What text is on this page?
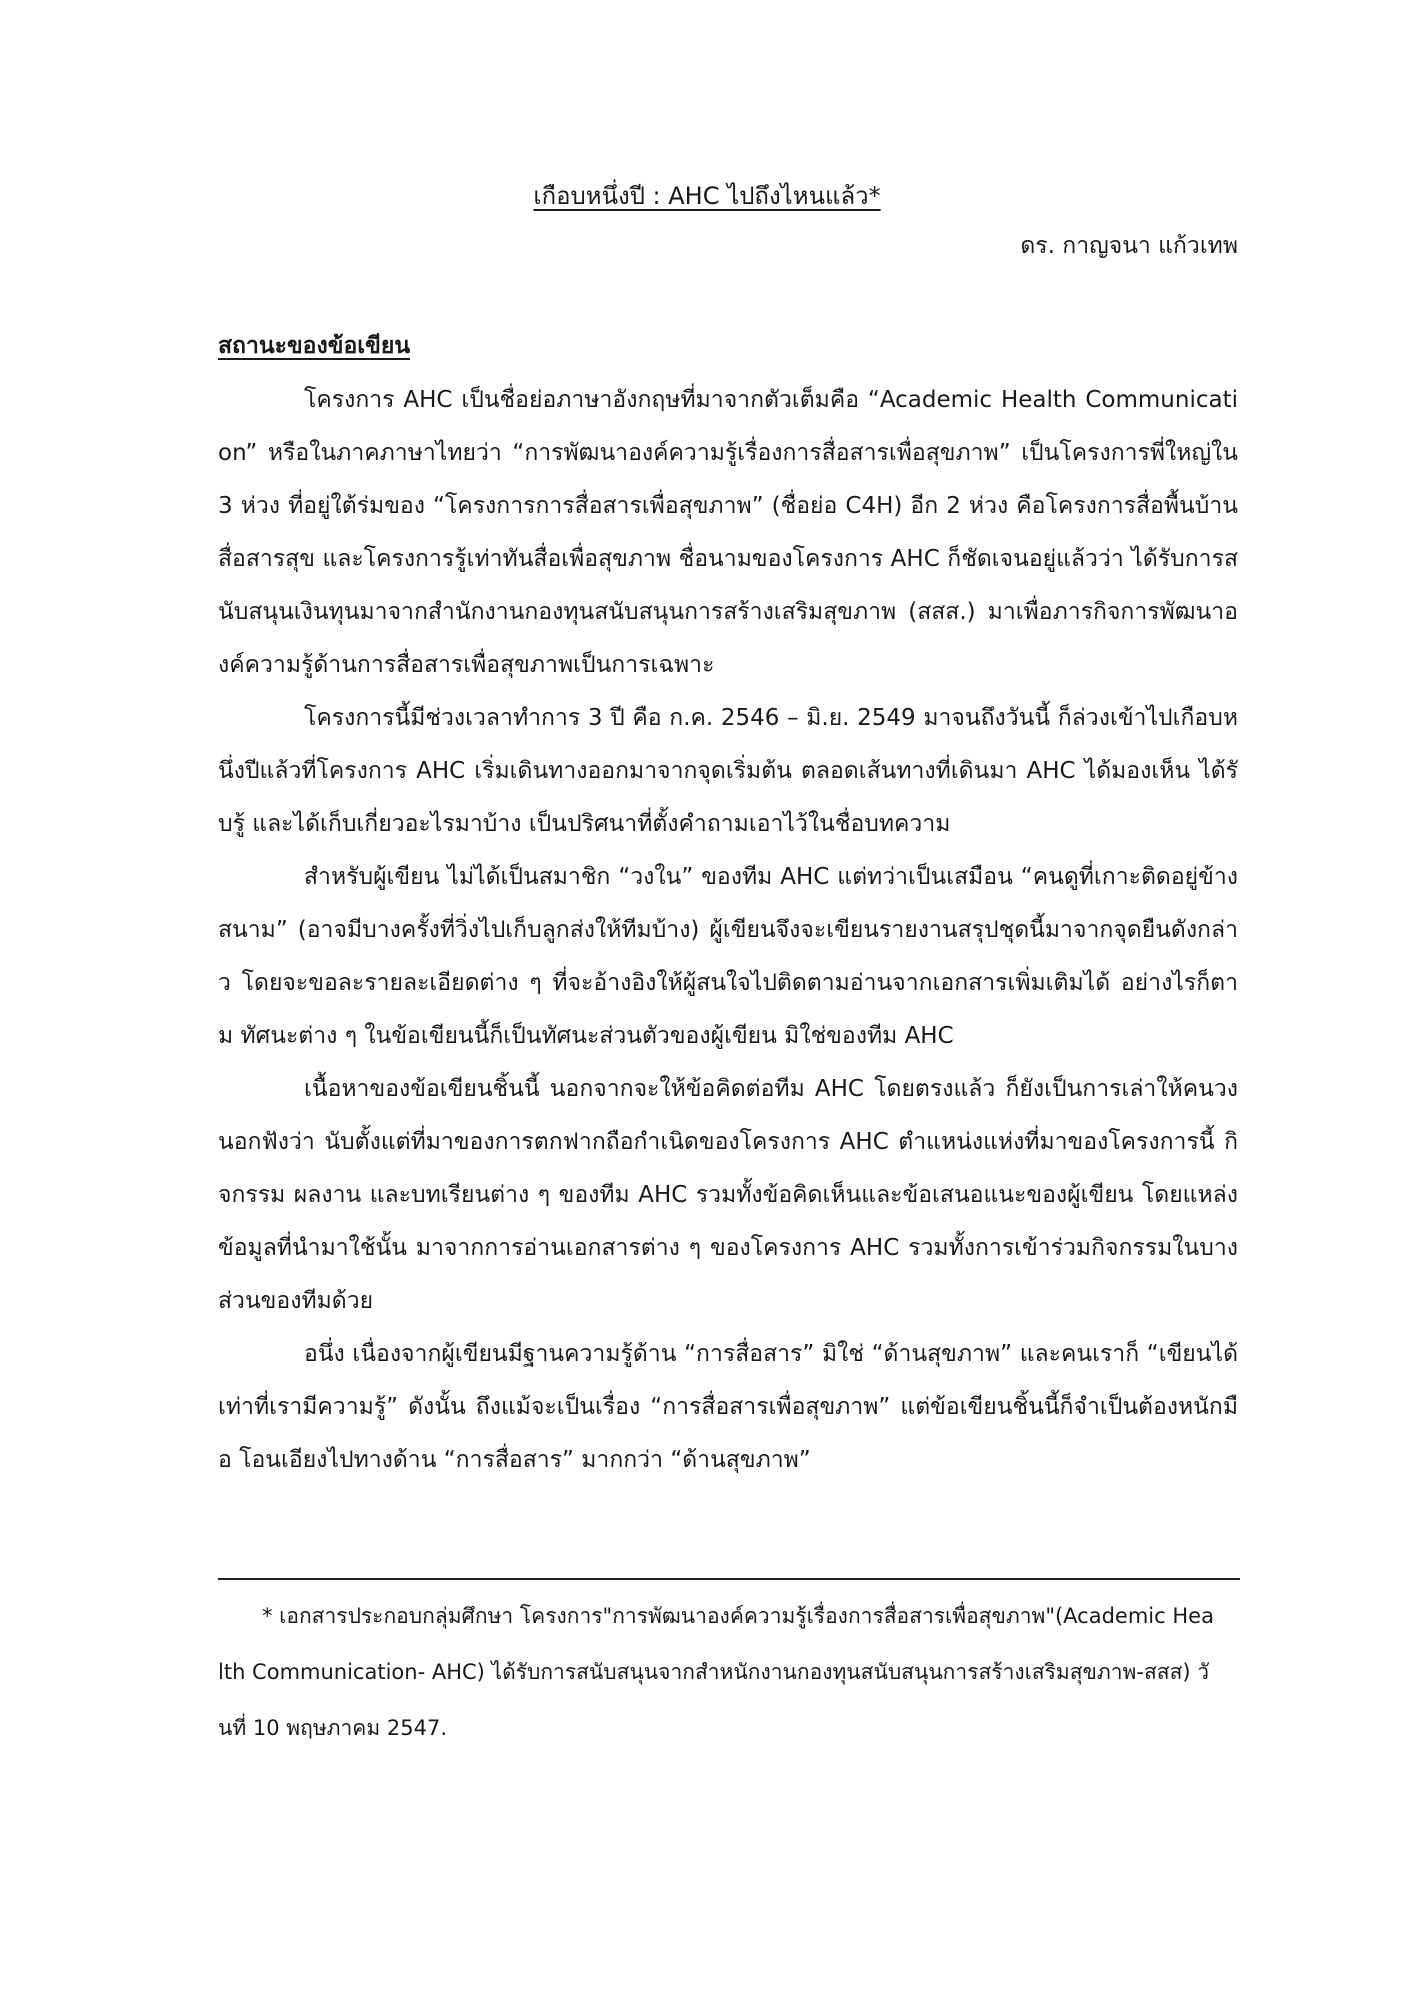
เกือบหนึ่งปี : AHC ไปถึงไหนแล้ว*
ดร. กาญจนา แก้วเทพ
สถานะของข้อเขียน

โครงการ AHC เป็นชื่อย่อภาษาอังกฤษที่มาจากตัวเต็มคือ “Academic Health Communication” หรือในภาคภาษาไทยว่า “การพัฒนาองค์ความรู้เรื่องการสื่อสารเพื่อสุขภาพ” เป็นโครงการพี่ใหญ่ใน 3 ห่วง ที่อยู่ใต้ร่มของ “โครงการการสื่อสารเพื่อสุขภาพ” (ชื่อย่อ C4H) อีก 2 ห่วง คือโครงการสื่อพื้นบ้านสื่อสารสุข และโครงการรู้เท่าทันสื่อเพื่อสุขภาพ ชื่อนามของโครงการ AHC ก็ชัดเจนอยู่แล้วว่า ได้รับการสนับสนุนเงินทุนมาจากสำนักงานกองทุนสนับสนุนการสร้างเสริมสุขภาพ (สสส.) มาเพื่อภารกิจการพัฒนาองค์ความรู้ด้านการสื่อสารเพื่อสุขภาพเป็นการเฉพาะ

โครงการนี้มีช่วงเวลาทำการ 3 ปี คือ ก.ค. 2546 – มิ.ย. 2549 มาจนถึงวันนี้ ก็ล่วงเข้าไปเกือบหนึ่งปีแล้วที่โครงการ AHC เริ่มเดินทางออกมาจากจุดเริ่มต้น ตลอดเส้นทางที่เดินมา AHC ได้มองเห็น ได้รับรู้ และได้เก็บเกี่ยวอะไรมาบ้าง เป็นปริศนาที่ตั้งคำถามเอาไว้ในชื่อบทความ

สำหรับผู้เขียน ไม่ได้เป็นสมาชิก “วงใน” ของทีม AHC แต่ทว่าเป็นเสมือน “คนดูที่เกาะติดอยู่ข้างสนาม” (อาจมีบางครั้งที่วิ่งไปเก็บลูกส่งให้ทีมบ้าง) ผู้เขียนจึงจะเขียนรายงานสรุปชุดนี้มาจากจุดยืนดังกล่าว โดยจะขอละรายละเอียดต่าง ๆ ที่จะอ้างอิงให้ผู้สนใจไปติดตามอ่านจากเอกสารเพิ่มเติมได้ อย่างไรก็ตาม ทัศนะต่าง ๆ ในข้อเขียนนี้ก็เป็นทัศนะส่วนตัวของผู้เขียน มิใช่ของทีม AHC

เนื้อหาของข้อเขียนชิ้นนี้ นอกจากจะให้ข้อคิดต่อทีม AHC โดยตรงแล้ว ก็ยังเป็นการเล่าให้คนวงนอกฟังว่า นับตั้งแต่ที่มาของการตกฟากถือกำเนิดของโครงการ AHC ตำแหน่งแห่งที่มาของโครงการนี้ กิจกรรม ผลงาน และบทเรียนต่าง ๆ ของทีม AHC รวมทั้งข้อคิดเห็นและข้อเสนอแนะของผู้เขียน โดยแหล่งข้อมูลที่นำมาใช้นั้น มาจากการอ่านเอกสารต่าง ๆ ของโครงการ AHC รวมทั้งการเข้าร่วมกิจกรรมในบางส่วนของทีมด้วย

อนึ่ง เนื่องจากผู้เขียนมีฐานความรู้ด้าน “การสื่อสาร” มิใช่ “ด้านสุขภาพ” และคนเราก็ “เขียนได้เท่าที่เรามีความรู้” ดังนั้น ถึงแม้จะเป็นเรื่อง “การสื่อสารเพื่อสุขภาพ” แต่ข้อเขียนชิ้นนี้ก็จำเป็นต้องหนักมือ โอนเอียงไปทางด้าน “การสื่อสาร” มากกว่า “ด้านสุขภาพ”

* เอกสารประกอบกลุ่มศึกษา โครงการ"การพัฒนาองค์ความรู้เรื่องการสื่อสารเพื่อสุขภาพ"(Academic Health Communication- AHC) ได้รับการสนับสนุนจากสำหนักงานกองทุนสนับสนุนการสร้างเสริมสุขภาพ-สสส) วันที่ 10 พฤษภาคม 2547.
